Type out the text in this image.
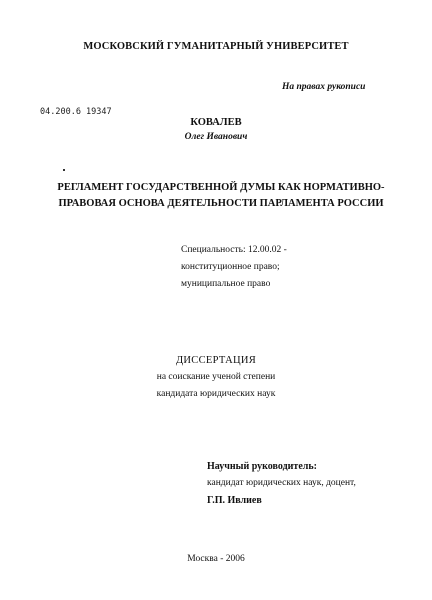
МОСКОВСКИЙ ГУМАНИТАРНЫЙ УНИВЕРСИТЕТ
На правах рукописи
04.200.6 19347
КОВАЛЕВ
Олег Иванович
РЕГЛАМЕНТ ГОСУДАРСТВЕННОЙ ДУМЫ КАК НОРМАТИВНО-
ПРАВОВАЯ ОСНОВА ДЕЯТЕЛЬНОСТИ ПАРЛАМЕНТА РОССИИ
Специальность: 12.00.02 -
конституционное право;
муниципальное право
ДИССЕРТАЦИЯ
на соискание ученой степени
кандидата юридических наук
Научный руководитель:
кандидат юридических наук, доцент,
Г.П. Ивлиев
Москва - 2006
